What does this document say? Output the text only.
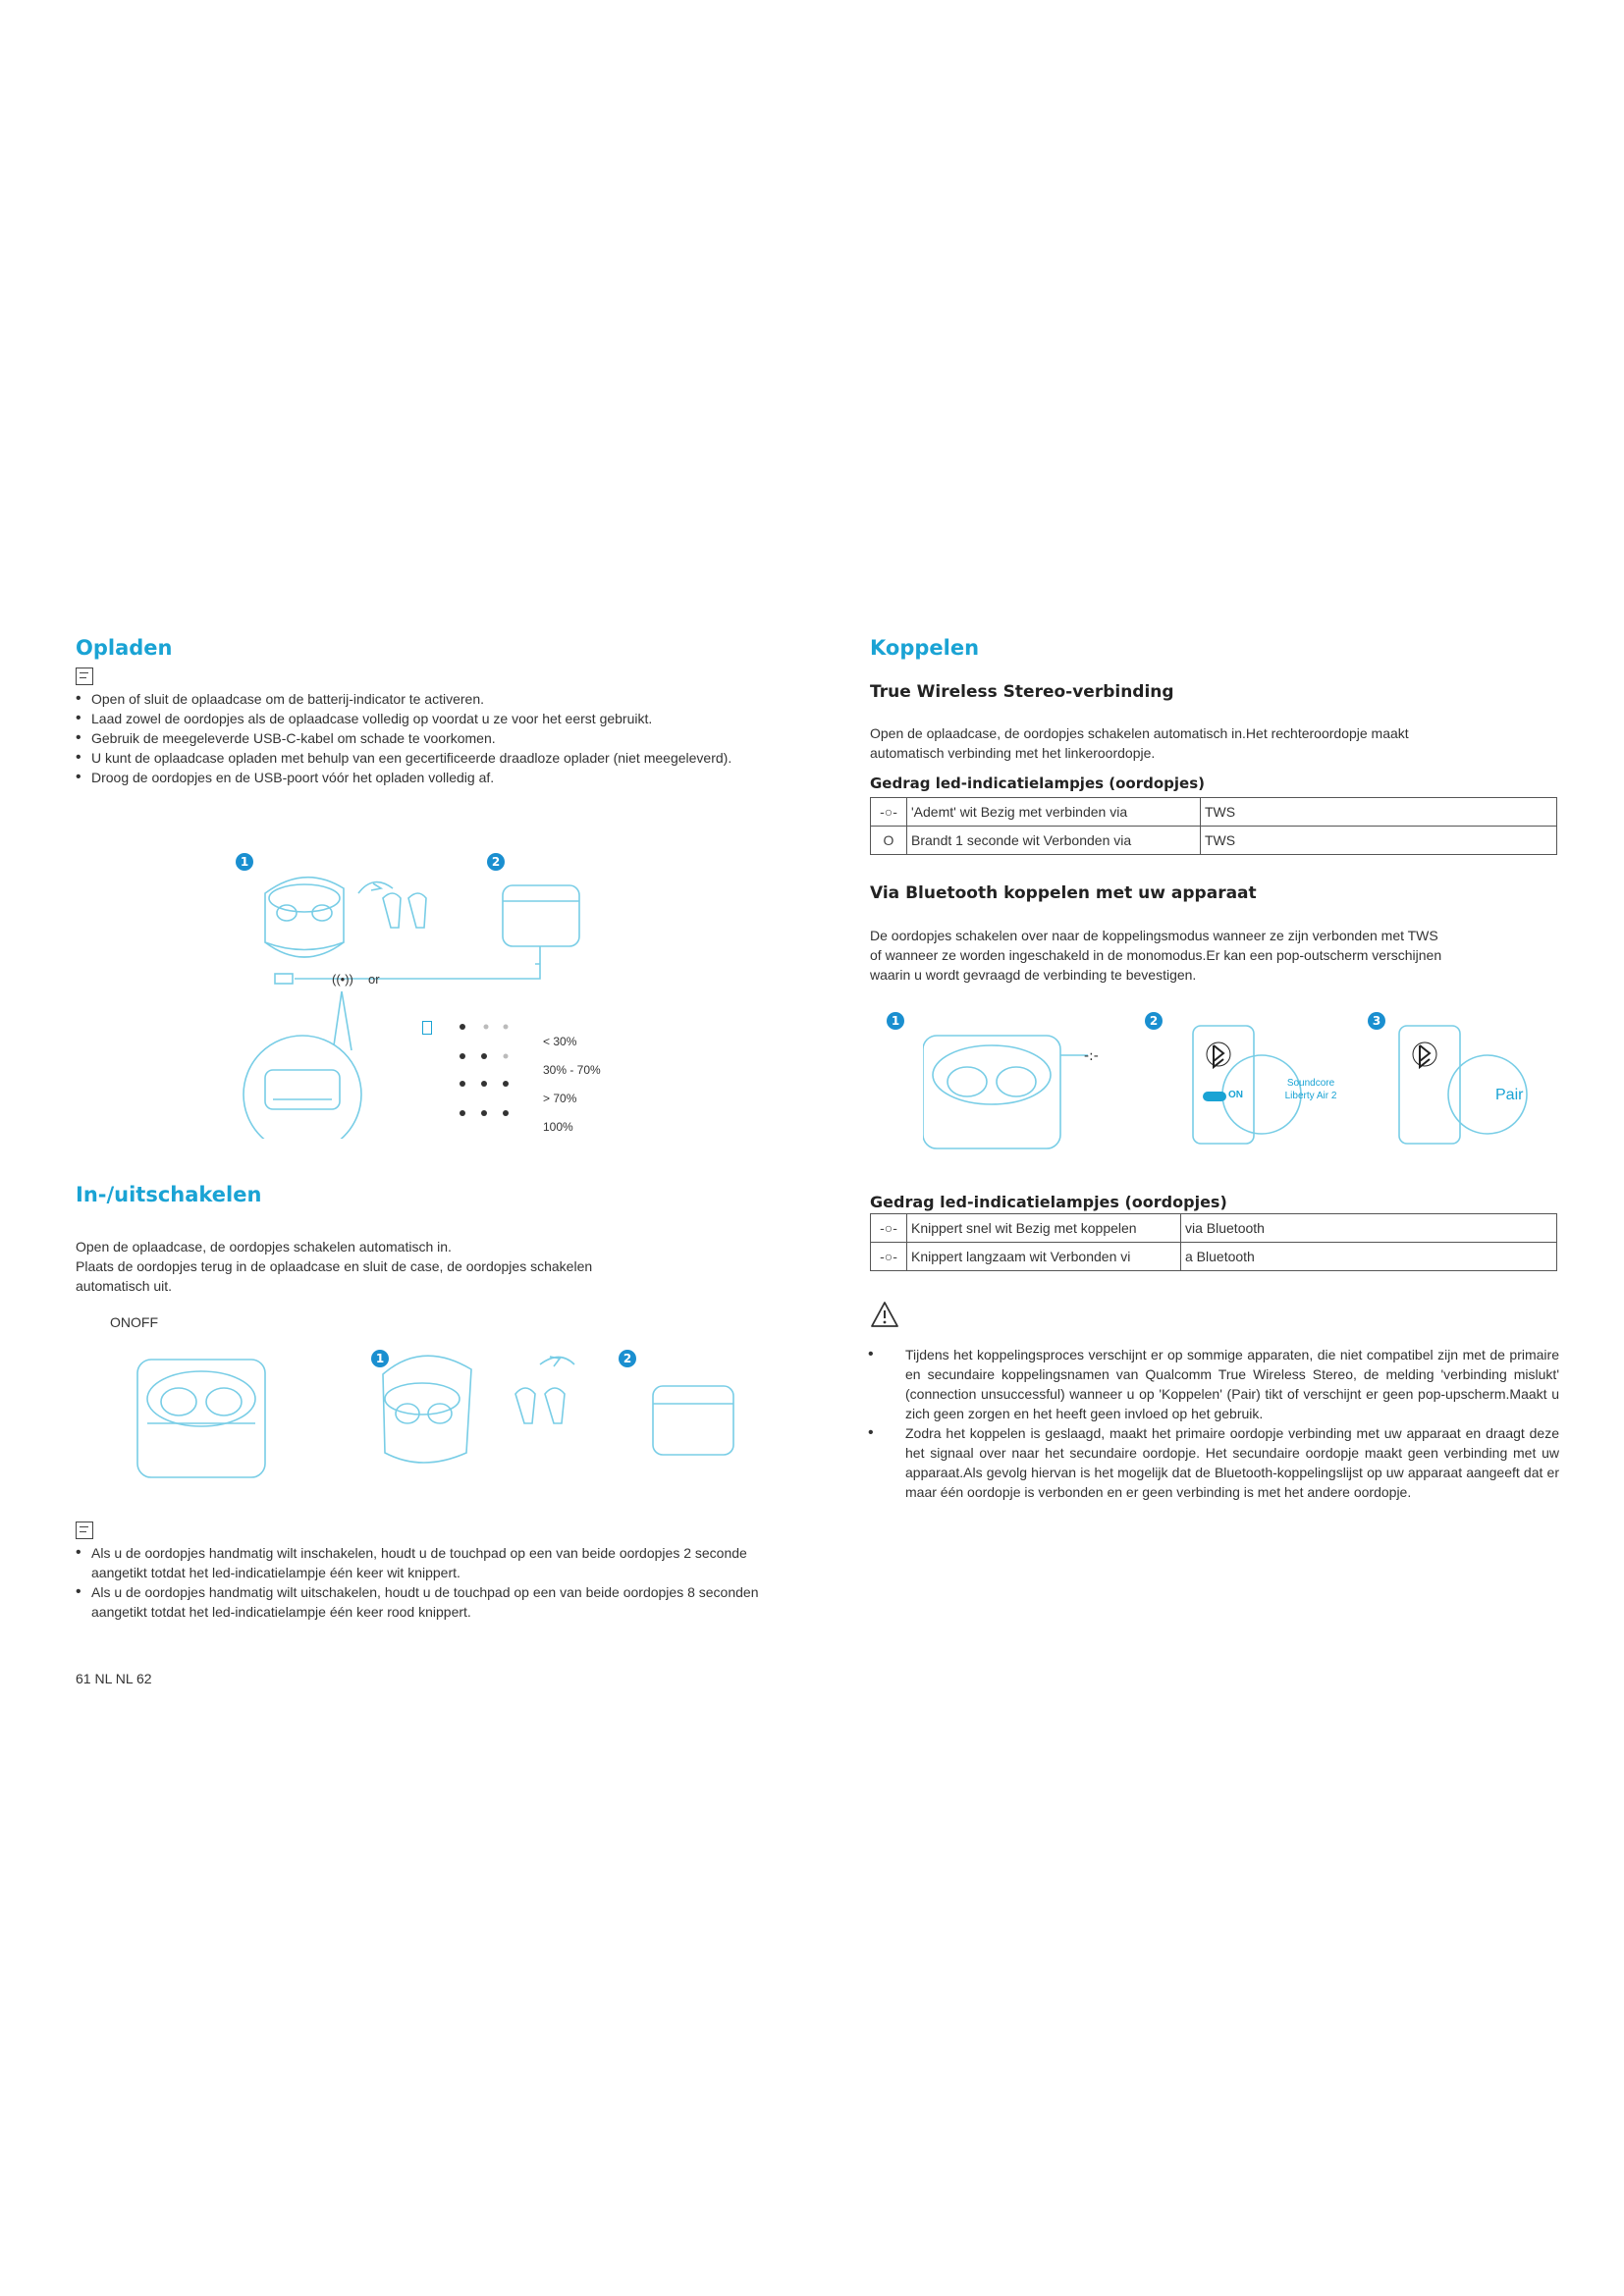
Opladen
• Open of sluit de oplaadcase om de batterij-indicator te activeren.
• Laad zowel de oordopjes als de oplaadcase volledig op voordat u ze voor het eerst gebruikt.
• Gebruik de meegeleverde USB-C-kabel om schade te voorkomen.
• U kunt de oplaadcase opladen met behulp van een gecertificeerde draadloze oplader (niet meegeleverd).
• Droog de oordopjes en de USB-poort vóór het opladen volledig af.
1	2
((•)) or
< 30%
30% - 70%
> 70%
100%
In-/uitschakelen

Open de oplaadcase, de oordopjes schakelen automatisch in.

Plaats de oordopjes terug in de oplaadcase en sluit de case, de oordopjes schakelen

automatisch uit.

ONOFF
1	2
• Als u de oordopjes handmatig wilt inschakelen, houdt u de touchpad op een van beide oordopjes 2 seconde aangetikt totdat het led-indicatielampje één keer wit knippert.
• Als u de oordopjes handmatig wilt uitschakelen, houdt u de touchpad op een van beide oordopjes 8 seconden aangetikt totdat het led-indicatielampje één keer rood knippert.
61 NL NL 62
Koppelen
True Wireless Stereo-verbinding

Open de oplaadcase, de oordopjes schakelen automatisch in.Het rechteroordopje maakt

automatisch verbinding met het linkeroordopje.

Gedrag led-indicatielampjes (oordopjes)
-○-	'Ademt' wit Bezig met verbinden via	TWS
O	Brandt 1 seconde wit Verbonden via	TWS
Via Bluetooth koppelen met uw apparaat

De oordopjes schakelen over naar de koppelingsmodus wanneer ze zijn verbonden met TWS

of wanneer ze worden ingeschakeld in de monomodus.Er kan een pop-outscherm verschijnen

waarin u wordt gevraagd de verbinding te bevestigen.

1	2	3
-:-
ON
Soundcore
Liberty Air 2	Pair
Gedrag led-indicatielampjes (oordopjes)
-○-	Knippert snel wit Bezig met koppelen	via Bluetooth
-○-	Knippert langzaam wit Verbonden vi	a Bluetooth
• Tijdens het koppelingsproces verschijnt er op sommige apparaten, die niet compatibel zijn met de primaire en secundaire koppelingsnamen van Qualcomm True Wireless Stereo, de melding 'verbinding mislukt' (connection unsuccessful) wanneer u op 'Koppelen' (Pair) tikt of verschijnt er geen pop-upscherm.Maakt u zich geen zorgen en het heeft geen invloed op het gebruik.
• Zodra het koppelen is geslaagd, maakt het primaire oordopje verbinding met uw apparaat en draagt deze het signaal over naar het secundaire oordopje. Het secundaire oordopje maakt geen verbinding met uw apparaat.Als gevolg hiervan is het mogelijk dat de Bluetooth-koppelingslijst op uw apparaat aangeeft dat er maar één oordopje is verbonden en er geen verbinding is met het andere oordopje.
